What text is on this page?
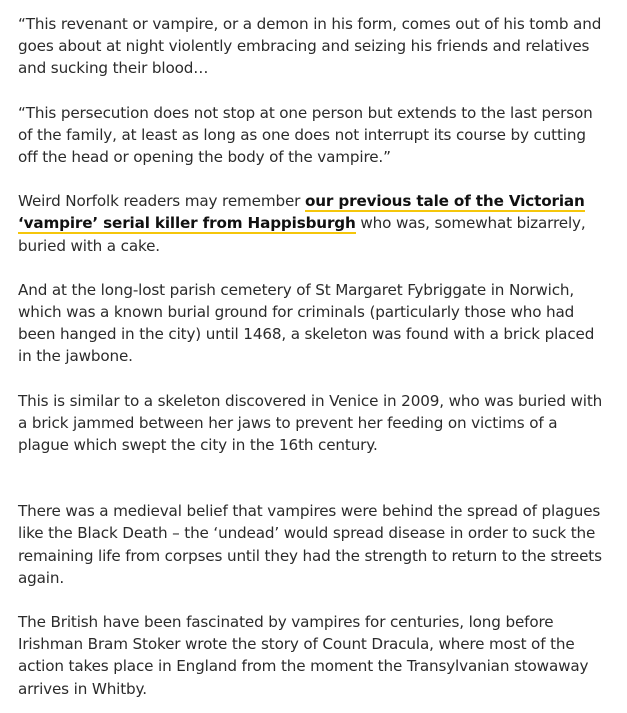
“This revenant or vampire, or a demon in his form, comes out of his tomb and goes about at night violently embracing and seizing his friends and relatives and sucking their blood…

“This persecution does not stop at one person but extends to the last person of the family, at least as long as one does not interrupt its course by cutting off the head or opening the body of the vampire.”

Weird Norfolk readers may remember our previous tale of the Victorian ‘vampire’ serial killer from Happisburgh who was, somewhat bizarrely, buried with a cake.

And at the long-lost parish cemetery of St Margaret Fybriggate in Norwich, which was a known burial ground for criminals (particularly those who had been hanged in the city) until 1468, a skeleton was found with a brick placed in the jawbone.

This is similar to a skeleton discovered in Venice in 2009, who was buried with a brick jammed between her jaws to prevent her feeding on victims of a plague which swept the city in the 16th century.

There was a medieval belief that vampires were behind the spread of plagues like the Black Death – the ‘undead’ would spread disease in order to suck the remaining life from corpses until they had the strength to return to the streets again.

The British have been fascinated by vampires for centuries, long before Irishman Bram Stoker wrote the story of Count Dracula, where most of the action takes place in England from the moment the Transylvanian stowaway arrives in Whitby.
